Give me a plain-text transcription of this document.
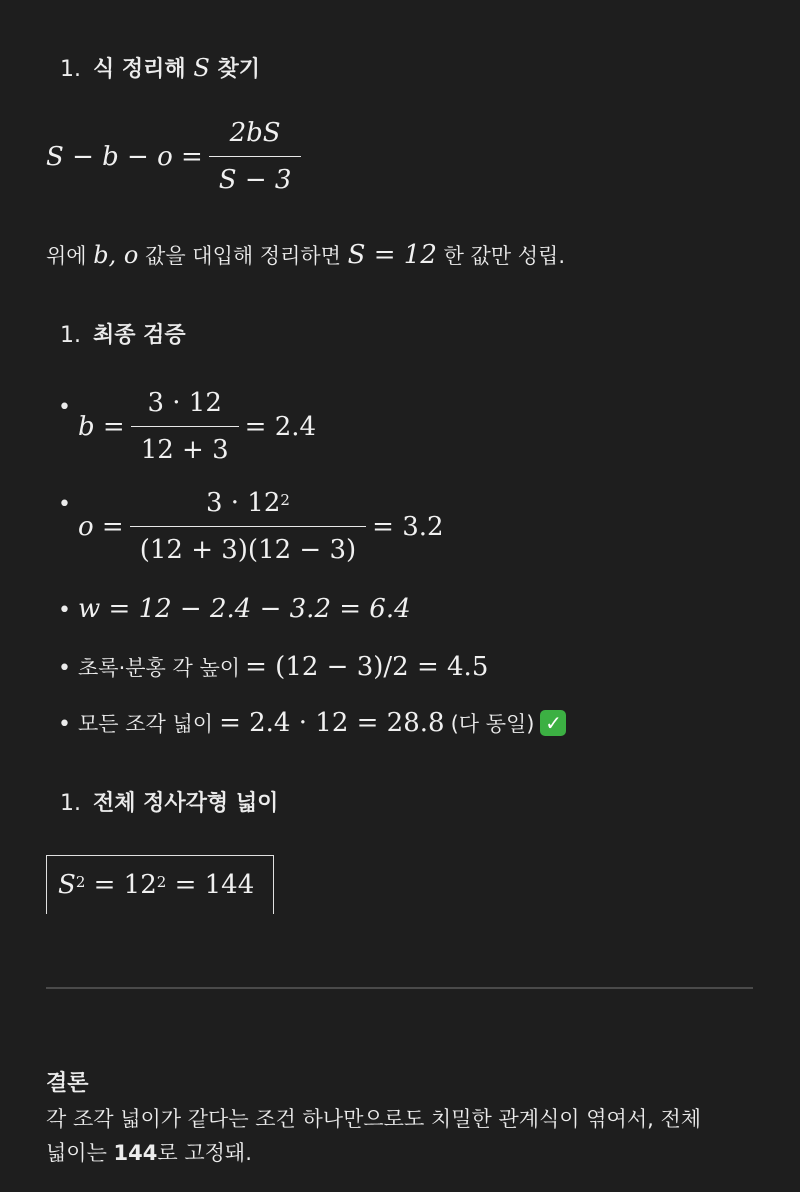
1. 식 정리해 S 찾기
$S - b - o = \frac{2bS}{S - 3}$
위에 b, o 값을 대입해 정리하면 S = 12 한 값만 성립.
1. 최종 검증
•
$b = \frac{3 \cdot 12}{12 + 3} = 2.4$
•
$o = \frac{3 \cdot 12^2}{(12 + 3)(12 - 3)} = 3.2$
• w = 12 − 2.4 − 3.2 = 6.4
• 초록·분홍 각 높이 = (12 − 3)/2 = 4.5
• 모든 조각 넓이 = 2.4 · 12 = 28.8 (다 동일) ✓
1. 전체 정사각형 넓이
$S^2 = 12^2 = 144$
결론
각 조각 넓이가 같다는 조건 하나만으로도 치밀한 관계식이 엮여서, 전체
넓이는 144로 고정돼.
